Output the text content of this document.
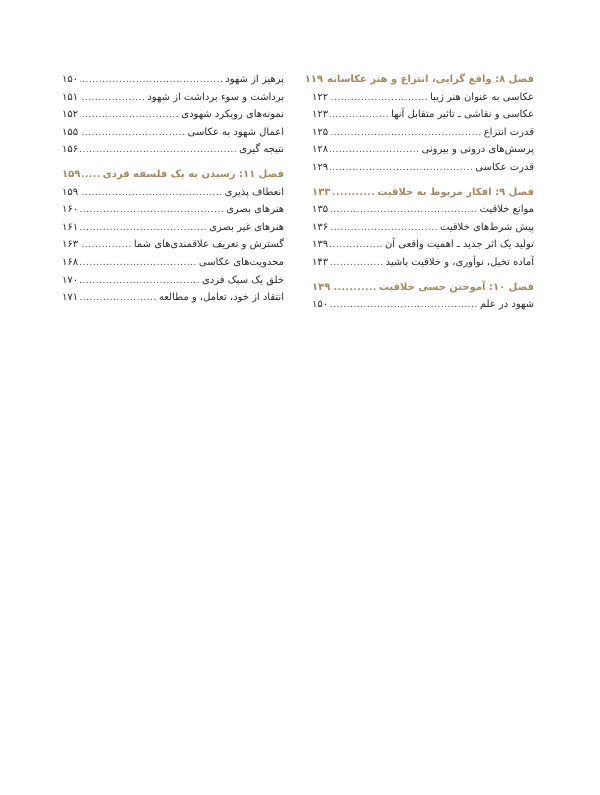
فصل ۸: واقع گرایی، انتزاع و هنر عکاسانه
۱۱۹
عکاسی به عنوان هنر زیبا
.....
۱۲۲
عکاسی و نقاشی ـ تاثیر متقابل آنها
.....
۱۲۳
قدرت انتزاع
.....
۱۲۵
پرسش‌های درونی و بیرونی
.....
۱۲۸
قدرت عکاسی
.....
۱۲۹
فصل ۹: افکار مربوط به خلاقیت
.....
۱۳۳
موانع خلاقیت
.....
۱۳۵
پیش شرط‌های خلاقیت
.....
۱۳۶
تولید یک اثر جدید ـ اهمیت واقعی آن
.....
۱۳۹
آماده تخیل، نوآوری، و خلاقیت باشید
.....
۱۴۳
فصل ۱۰: آموختن حسی خلاقیت
.....
۱۴۹
شهود در علم
.....
۱۵۰
پرهیز از شهود
.....
۱۵۰
برداشت و سوء برداشت از شهود
.....
۱۵۱
نمونه‌های رویکرد شهودی
.....
۱۵۲
اعمال شهود به عکاسی
.....
۱۵۵
نتیجه گیری
.....
۱۵۶
فصل ۱۱: رسیدن به یک فلسفه فردی
.....
۱۵۹
انعطاف پذیری
.....
۱۵۹
هنرهای بصری
.....
۱۶۰
هنرهای غیر بصری
.....
۱۶۱
گسترش و تعریف علاقمندی‌های شما
.....
۱۶۳
محدویت‌های عکاسی
.....
۱۶۸
خلق یک سبک فردی
.....
۱۷۰
انتقاد از خود، تعامل، و مطالعه
.....
۱۷۱
